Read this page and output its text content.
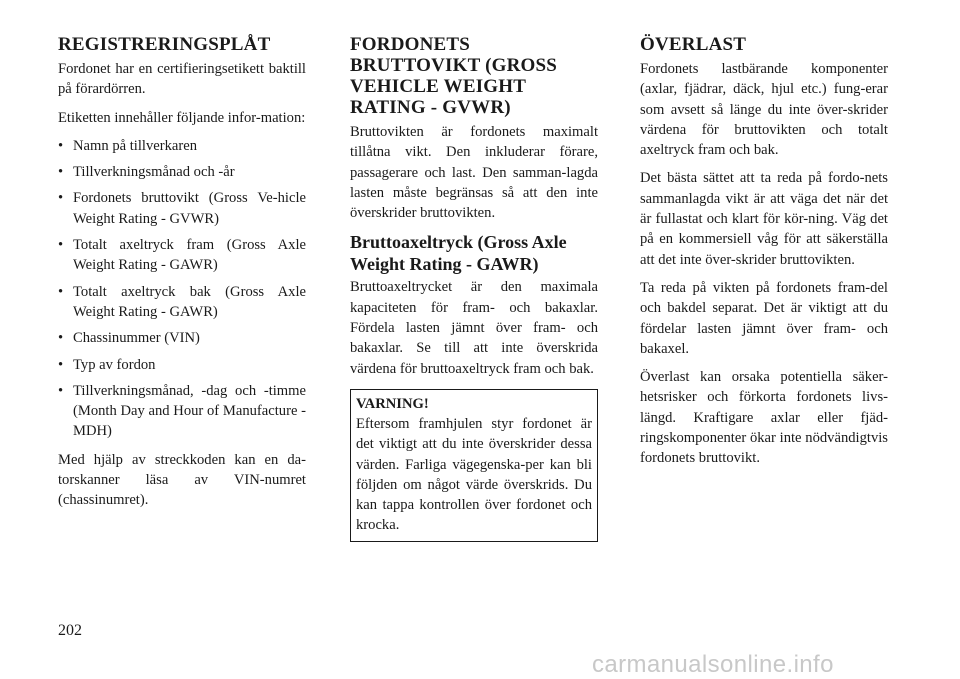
REGISTRERINGSPLÅT

Fordonet har en certifieringsetikett baktill på förardörren.

Etiketten innehåller följande infor-mation:

• Namn på tillverkaren
• Tillverkningsmånad och -år
• Fordonets bruttovikt (Gross Ve-hicle Weight Rating - GVWR)
• Totalt axeltryck fram (Gross Axle Weight Rating - GAWR)
• Totalt axeltryck bak (Gross Axle Weight Rating - GAWR)
• Chassinummer (VIN)
• Typ av fordon
• Tillverkningsmånad, -dag och -timme (Month Day and Hour of Manufacture - MDH)

Med hjälp av streckkoden kan en da-torskanner läsa av VIN-numret (chassinumret).

FORDONETS BRUTTOVIKT (GROSS VEHICLE WEIGHT RATING - GVWR)

Bruttovikten är fordonets maximalt tillåtna vikt. Den inkluderar förare, passagerare och last. Den samman-lagda lasten måste begränsas så att den inte överskrider bruttovikten.

Bruttoaxeltryck (Gross Axle Weight Rating - GAWR)

Bruttoaxeltrycket är den maximala kapaciteten för fram- och bakaxlar. Fördela lasten jämnt över fram- och bakaxlar. Se till att inte överskrida värdena för bruttoaxeltryck fram och bak.

VARNING!

Eftersom framhjulen styr fordonet är det viktigt att du inte överskrider dessa värden. Farliga vägegenska-per kan bli följden om något värde överskrids. Du kan tappa kontrollen över fordonet och krocka.

ÖVERLAST

Fordonets lastbärande komponenter (axlar, fjädrar, däck, hjul etc.) fung-erar som avsett så länge du inte över-skrider värdena för bruttovikten och totalt axeltryck fram och bak.

Det bästa sättet att ta reda på fordo-nets sammanlagda vikt är att väga det när det är fullastat och klart för kör-ning. Väg det på en kommersiell våg för att säkerställa att det inte över-skrider bruttovikten.

Ta reda på vikten på fordonets fram-del och bakdel separat. Det är viktigt att du fördelar lasten jämnt över fram- och bakaxel.

Överlast kan orsaka potentiella säker-hetsrisker och förkorta fordonets livs-längd. Kraftigare axlar eller fjäd-ringskomponenter ökar inte nödvändigtvis fordonets bruttovikt.

202
carmanualsonline.info
